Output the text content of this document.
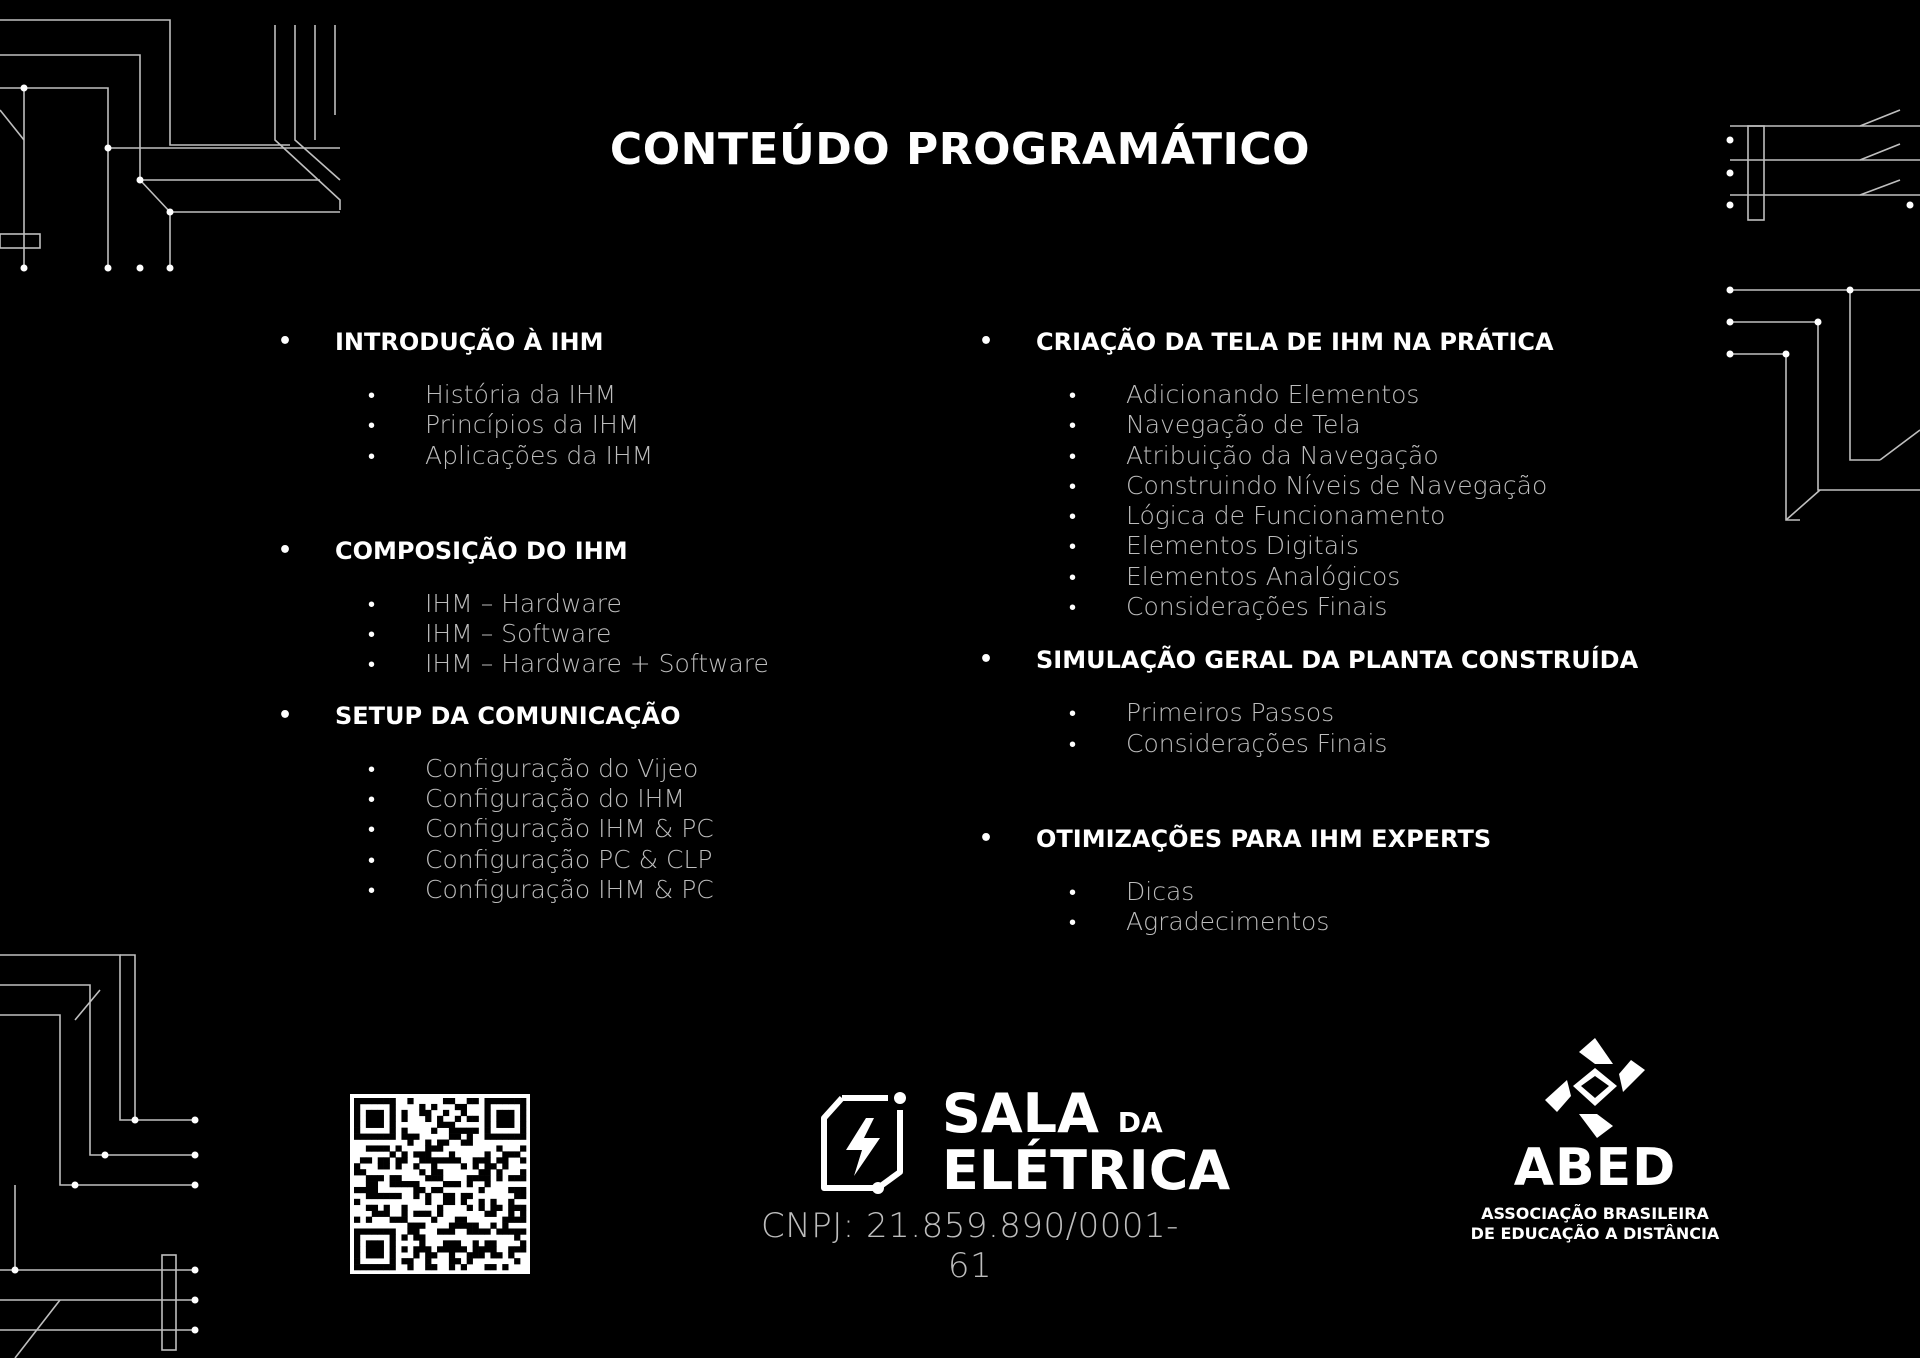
CONTEÚDO PROGRAMÁTICO
• INTRODUÇÃO À IHM
• História da IHM
• Princípios da IHM
• Aplicações da IHM
• COMPOSIÇÃO DO IHM
• IHM – Hardware
• IHM – Software
• IHM – Hardware + Software
• SETUP DA COMUNICAÇÃO
• Configuração do Vijeo
• Configuração do IHM
• Configuração IHM & PC
• Configuração PC & CLP
• Configuração IHM & PC
• CRIAÇÃO DA TELA DE IHM NA PRÁTICA
• Adicionando Elementos
• Navegação de Tela
• Atribuição da Navegação
• Construindo Níveis de Navegação
• Lógica de Funcionamento
• Elementos Digitais
• Elementos Analógicos
• Considerações Finais
• SIMULAÇÃO GERAL DA PLANTA CONSTRUÍDA
• Primeiros Passos
• Considerações Finais
• OTIMIZAÇÕES PARA IHM EXPERTS
• Dicas
• Agradecimentos
SALA DA
ELÉTRICA
CNPJ: 21.859.890/0001-61
ABED
ASSOCIAÇÃO BRASILEIRA
DE EDUCAÇÃO A DISTÂNCIA
